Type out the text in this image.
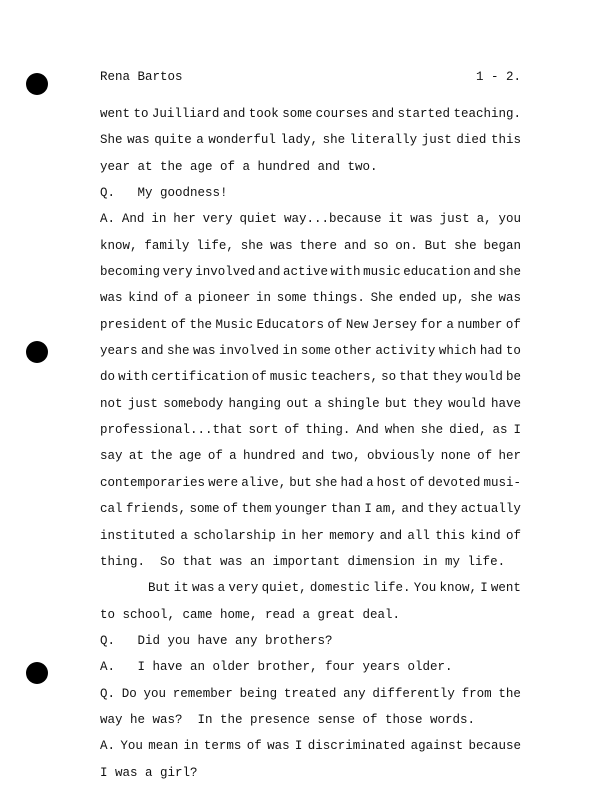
Rena Bartos	1 - 2.
went to Juilliard and took some courses and started teaching.
She was quite a wonderful lady, she literally just died this
year at the age of a hundred and two.
Q.   My goodness!
A. And in her very quiet way...because it was just a, you
know, family life, she was there and so on. But she began
becoming very involved and active with music education and she
was kind of a pioneer in some things. She ended up, she was
president of the Music Educators of New Jersey for a number of
years and she was involved in some other activity which had to
do with certification of music teachers, so that they would be
not just somebody hanging out a shingle but they would have
professional...that sort of thing. And when she died, as I
say at the age of a hundred and two, obviously none of her
contemporaries were alive, but she had a host of devoted musi-
cal friends, some of them younger than I am, and they actually
instituted a scholarship in her memory and all this kind of
thing.  So that was an important dimension in my life.
But it was a very quiet, domestic life. You know, I went
to school, came home, read a great deal.
Q.   Did you have any brothers?
A.   I have an older brother, four years older.
Q. Do you remember being treated any differently from the
way he was?  In the presence sense of those words.
A. You mean in terms of was I discriminated against because
I was a girl?
